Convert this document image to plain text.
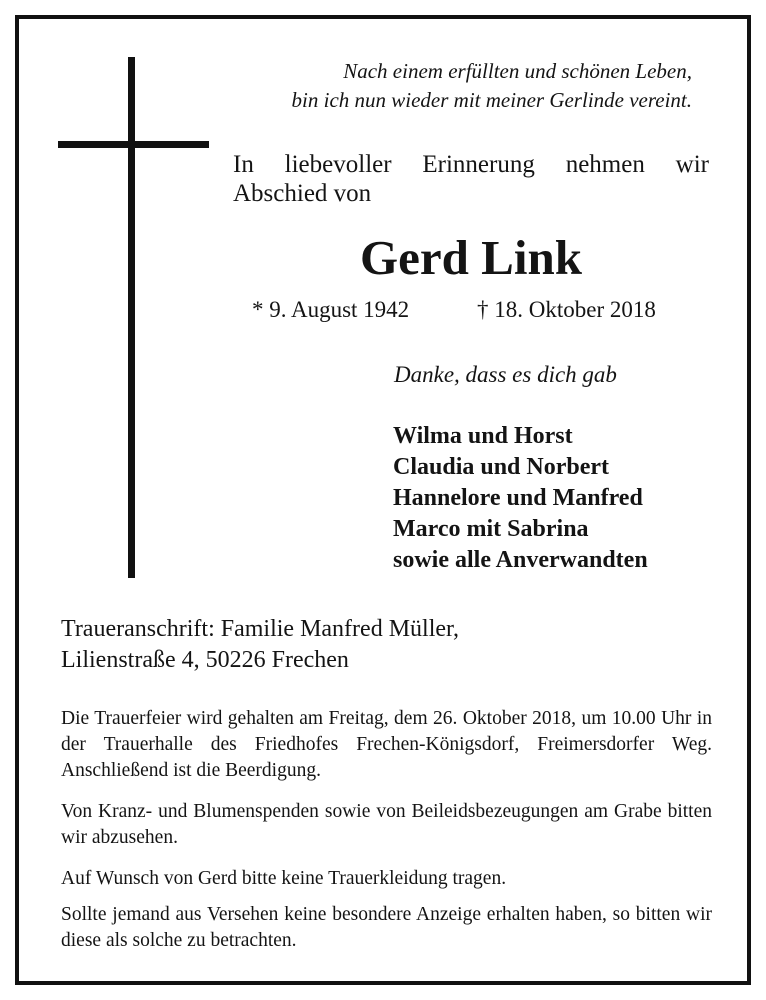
Nach einem erfüllten und schönen Leben,
bin ich nun wieder mit meiner Gerlinde vereint.
In liebevoller Erinnerung nehmen wir Abschied von
Gerd Link
* 9. August 1942	† 18. Oktober 2018
Danke, dass es dich gab
Wilma und Horst
Claudia und Norbert
Hannelore und Manfred
Marco mit Sabrina
sowie alle Anverwandten
Traueranschrift: Familie Manfred Müller,
Lilienstraße 4, 50226 Frechen
Die Trauerfeier wird gehalten am Freitag, dem 26. Oktober 2018, um 10.00 Uhr in der Trauerhalle des Friedhofes Frechen-Königsdorf, Freimersdorfer Weg. Anschließend ist die Beerdigung.
Von Kranz- und Blumenspenden sowie von Beileidsbezeugungen am Grabe bitten wir abzusehen.
Auf Wunsch von Gerd bitte keine Trauerkleidung tragen.
Sollte jemand aus Versehen keine besondere Anzeige erhalten haben, so bitten wir diese als solche zu betrachten.
